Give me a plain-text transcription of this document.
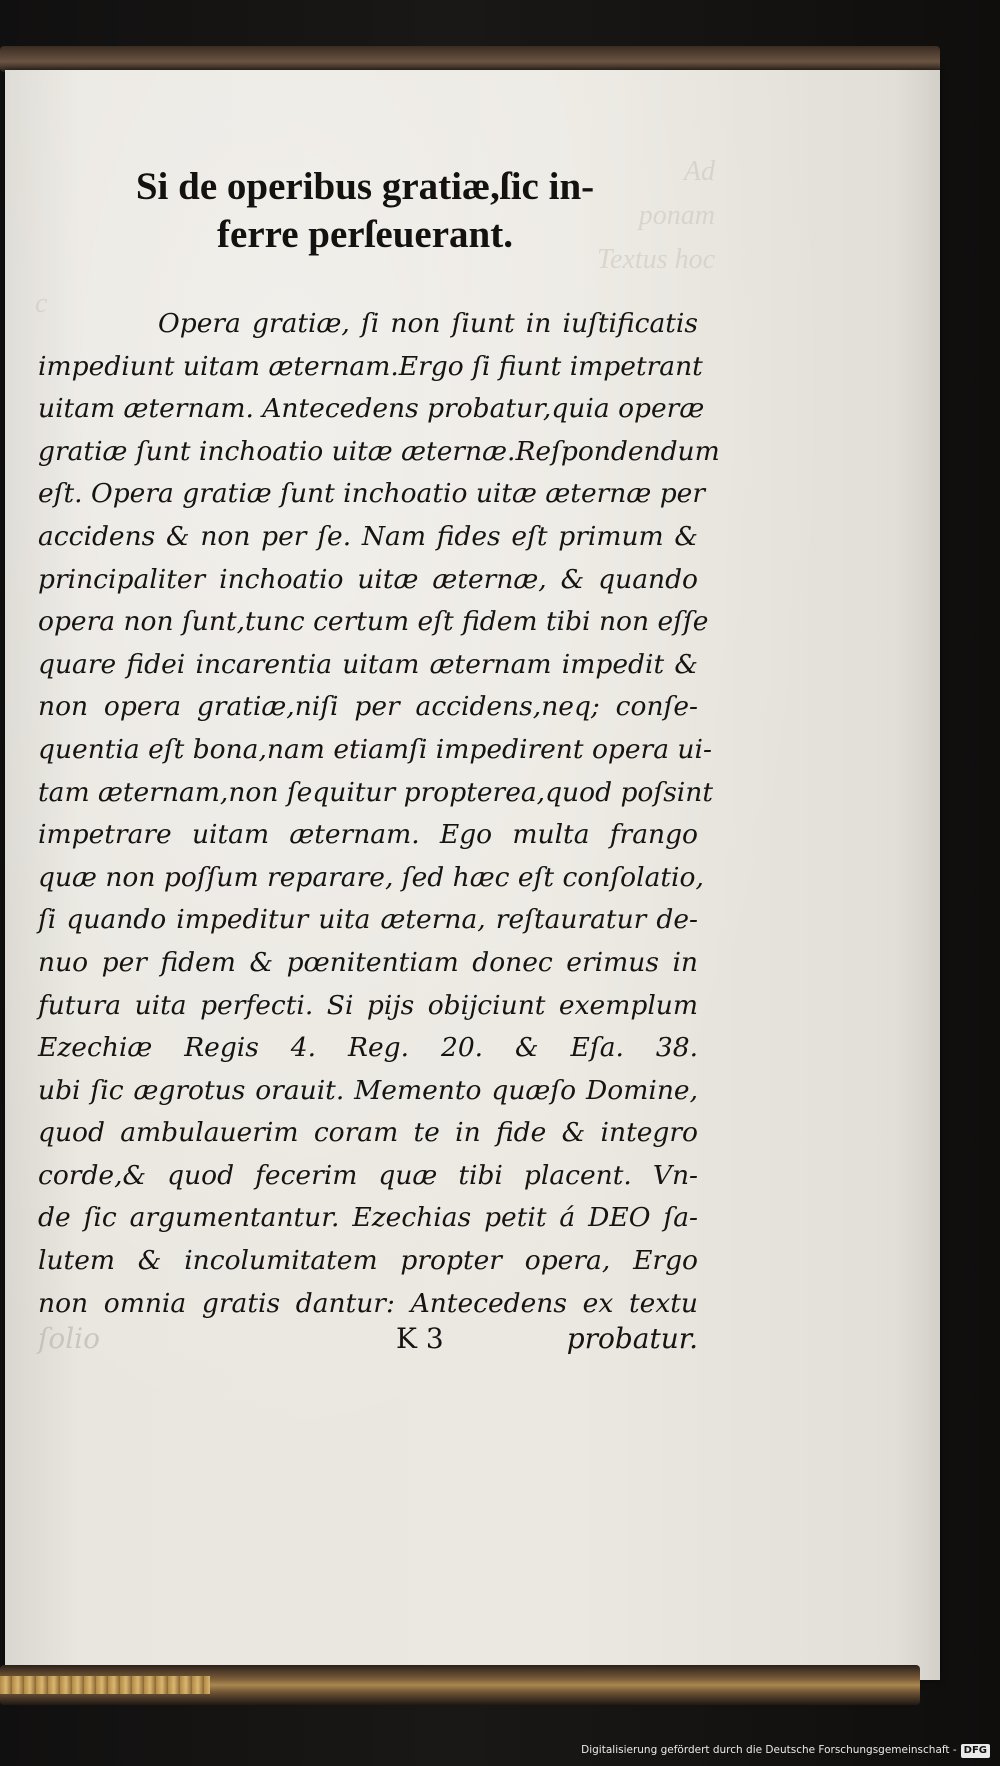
Ad
ponam
Textus hoc
c
Si de operibus gratiæ,ſic in-
ferre perſeuerant.
Opera gratiæ, ſi non ſiunt in iuſtificatis
impediunt uitam æternam.Ergo ſi fiunt impetrant
uitam æternam. Antecedens probatur,quia operæ
gratiæ ſunt inchoatio uitæ æternæ.Reſpondendum
eſt. Opera gratiæ ſunt inchoatio uitæ æternæ per
accidens & non per ſe. Nam fides eſt primum &
principaliter inchoatio uitæ æternæ, & quando
opera non ſunt,tunc certum eſt fidem tibi non eſſe
quare fidei incarentia uitam æternam impedit &
non opera gratiæ,niſi per accidens,neq; conſe-
quentia eſt bona,nam etiamſi impedirent opera ui-
tam æternam,non ſequitur propterea,quod poſsint
impetrare uitam æternam. Ego multa frango
quæ non poſſum reparare, ſed hæc eſt conſolatio,
ſi quando impeditur uita æterna, reſtauratur de-
nuo per fidem & pœnitentiam donec erimus in
futura uita perfecti. Si pijs obijciunt exemplum
Ezechiæ Regis 4. Reg. 20. & Eſa. 38.
ubi ſic ægrotus orauit. Memento quæſo Domine,
quod ambulauerim coram te in fide & integro
corde,& quod fecerim quæ tibi placent. Vn-
de ſic argumentantur. Ezechias petit á DEO ſa-
lutem & incolumitatem propter opera, Ergo
non omnia gratis dantur: Antecedens ex textu
ſolio	K 3	probatur.
Digitalisierung gefördert durch die Deutsche Forschungsgemeinschaft - DFG
